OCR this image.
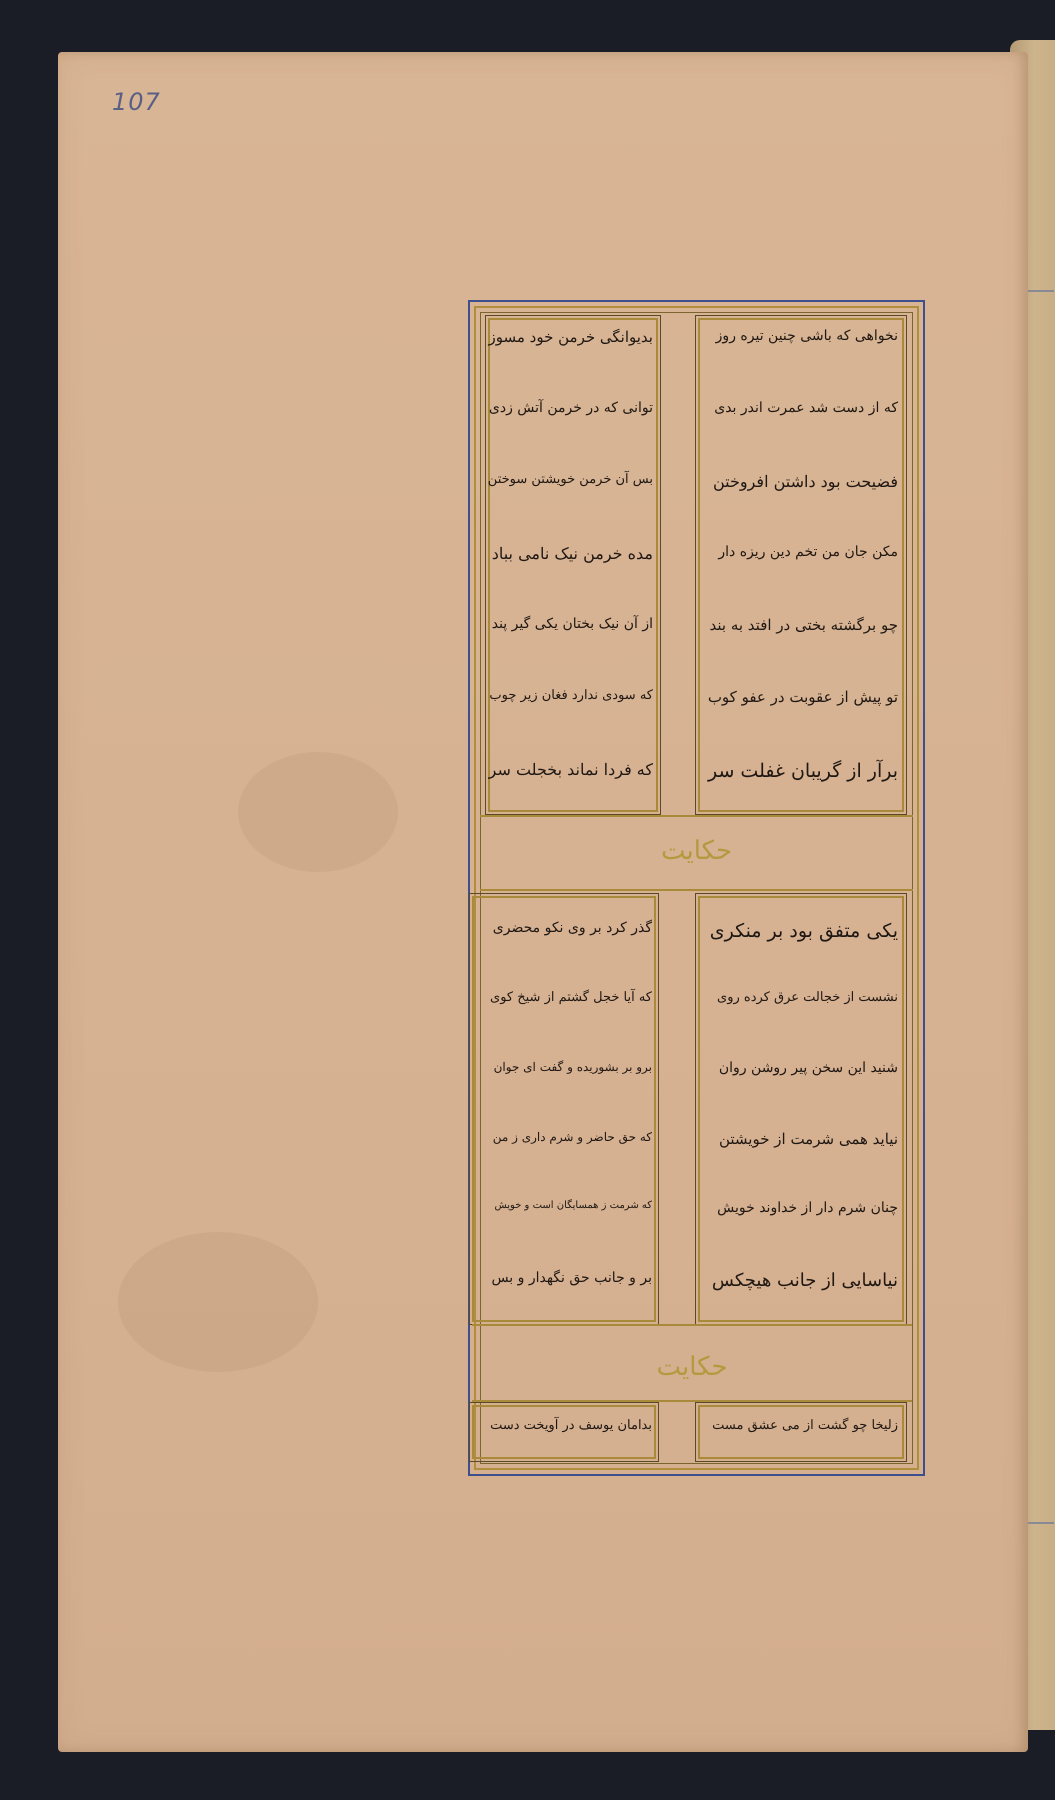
107
نخواهی که باشی چنین تیره روز
که از دست شد عمرت اندر بدی
فضیحت بود داشتن افروختن
مکن جان من تخم دین ریزه دار
چو برگشته بختی در افتد به بند
تو پیش از عقوبت در عفو کوب
برآر از گریبان غفلت سر
بدیوانگی خرمن خود مسوز
توانی که در خرمن آتش زدی
بس آن خرمن خویشتن سوختن
مده خرمن نیک نامی بباد
از آن نیک بختان یکی گیر پند
که سودی ندارد فغان زیر چوب
که فردا نماند بخجلت سر
حکایت
یکی متفق بود بر منکری
نشست از خجالت عرق کرده روی
شنید این سخن پیر روشن روان
نیاید همی شرمت از خویشتن
چنان شرم دار از خداوند خویش
نیاسایی از جانب هیچکس
گذر کرد بر وی نکو محضری
که آیا خجل گشتم از شیخ کوی
برو بر بشوریده و گفت ای جوان
که حق حاضر و شرم داری ز من
که شرمت ز همسایگان است و خویش
بر و جانب حق نگهدار و بس
حکایت
زلیخا چو گشت از می عشق مست
بدامان یوسف در آویخت دست
